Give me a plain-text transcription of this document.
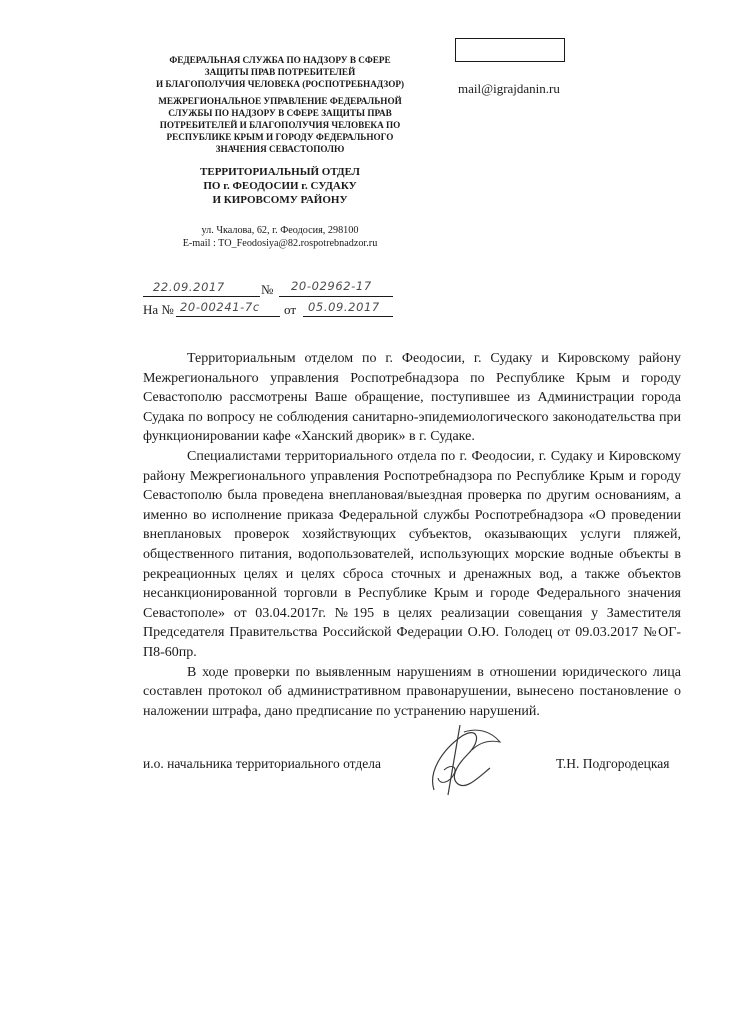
ФЕДЕРАЛЬНАЯ СЛУЖБА ПО НАДЗОРУ В СФЕРЕ
ЗАЩИТЫ ПРАВ ПОТРЕБИТЕЛЕЙ
И БЛАГОПОЛУЧИЯ ЧЕЛОВЕКА (РОСПОТРЕБНАДЗОР)
МЕЖРЕГИОНАЛЬНОЕ УПРАВЛЕНИЕ ФЕДЕРАЛЬНОЙ
СЛУЖБЫ ПО НАДЗОРУ В СФЕРЕ ЗАЩИТЫ ПРАВ
ПОТРЕБИТЕЛЕЙ И БЛАГОПОЛУЧИЯ ЧЕЛОВЕКА ПО
РЕСПУБЛИКЕ КРЫМ И ГОРОДУ ФЕДЕРАЛЬНОГО
ЗНАЧЕНИЯ СЕВАСТОПОЛЮ
ТЕРРИТОРИАЛЬНЫЙ ОТДЕЛ
ПО г. ФЕОДОСИИ г. СУДАКУ
И КИРОВСОМУ РАЙОНУ
ул. Чкалова, 62, г. Феодосия, 298100
E-mail : TO_Feodosiya@82.rospotrebnadzor.ru
mail@igrajdanin.ru
22.09.2017	№ 20-02962-17
На № 20-00241-7с от 05.09.2017

Территориальным отделом по г. Феодосии, г. Судаку и Кировскому району Межрегионального управления Роспотребнадзора по Республике Крым и городу Севастополю рассмотрены Ваше обращение, поступившее из Администрации города Судака по вопросу не соблюдения санитарно-эпидемиологического законодательства при функционировании кафе «Ханский дворик» в г. Судаке.

Специалистами территориального отдела по г. Феодосии, г. Судаку и Кировскому району Межрегионального управления Роспотребнадзора по Республике Крым и городу Севастополю была проведена внеплановая/выездная проверка по другим основаниям, а именно во исполнение приказа Федеральной службы Роспотребнадзора «О проведении внеплановых проверок хозяйствующих субъектов, оказывающих услуги пляжей, общественного питания, водопользователей, использующих морские водные объекты в рекреационных целях и целях сброса сточных и дренажных вод, а также объектов несанкционированной торговли в Республике Крым и городе Федерального значения Севастополе» от 03.04.2017г. №195 в целях реализации совещания у Заместителя Председателя Правительства Российской Федерации О.Ю. Голодец от 09.03.2017 №ОГ-П8-60пр.

В ходе проверки по выявленным нарушениям в отношении юридического лица составлен протокол об административном правонарушении, вынесено постановление о наложении штрафа, дано предписание по устранению нарушений.

и.о. начальника территориального отдела	Т.Н. Подгородецкая
